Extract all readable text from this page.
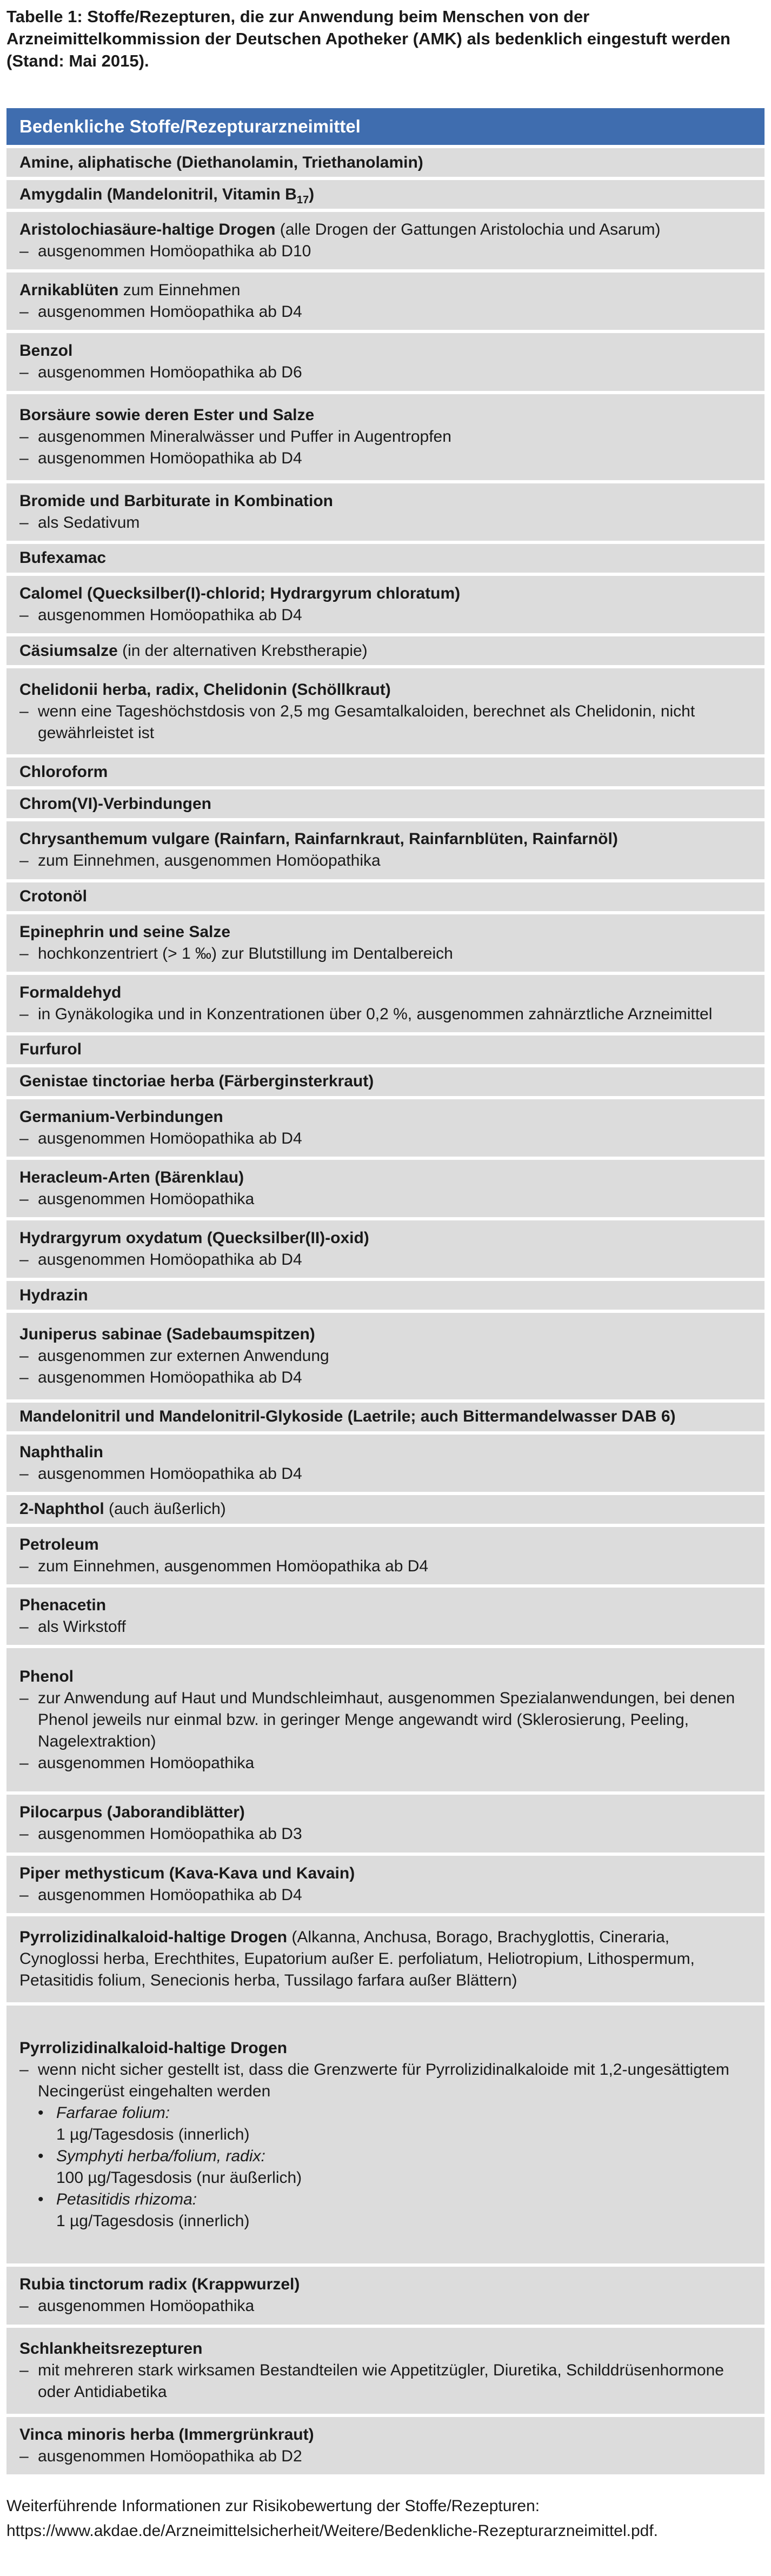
Tabelle 1: Stoffe/Rezepturen, die zur Anwendung beim Menschen von der Arzneimittelkommission der Deutschen Apotheker (AMK) als bedenklich eingestuft werden (Stand: Mai 2015).

Bedenkliche Stoffe/Rezepturarzneimittel
Amine, aliphatische (Diethanolamin, Triethanolamin)
Amygdalin (Mandelonitril, Vitamin $B_{17}$)
Aristolochiasäure-haltige Drogen (alle Drogen der Gattungen Aristolochia und Asarum)
– ausgenommen Homöopathika ab D10
Arnikablüten zum Einnehmen
– ausgenommen Homöopathika ab D4
Benzol
– ausgenommen Homöopathika ab D6
Borsäure sowie deren Ester und Salze
– ausgenommen Mineralwässer und Puffer in Augentropfen
– ausgenommen Homöopathika ab D4
Bromide und Barbiturate in Kombination
– als Sedativum
Bufexamac
Calomel (Quecksilber(I)-chlorid; Hydrargyrum chloratum)
– ausgenommen Homöopathika ab D4
Cäsiumsalze (in der alternativen Krebstherapie)
Chelidonii herba, radix, Chelidonin (Schöllkraut)
– wenn eine Tageshöchstdosis von 2,5 mg Gesamtalkaloiden, berechnet als Chelidonin, nicht gewährleistet ist
Chloroform
Chrom(VI)-Verbindungen
Chrysanthemum vulgare (Rainfarn, Rainfarnkraut, Rainfarnblüten, Rainfarnöl)
– zum Einnehmen, ausgenommen Homöopathika
Crotonöl
Epinephrin und seine Salze
– hochkonzentriert (> 1 ‰) zur Blutstillung im Dentalbereich
Formaldehyd
– in Gynäkologika und in Konzentrationen über 0,2 %, ausgenommen zahnärztliche Arzneimittel
Furfurol
Genistae tinctoriae herba (Färberginsterkraut)
Germanium-Verbindungen
– ausgenommen Homöopathika ab D4
Heracleum-Arten (Bärenklau)
– ausgenommen Homöopathika
Hydrargyrum oxydatum (Quecksilber(II)-oxid)
– ausgenommen Homöopathika ab D4
Hydrazin
Juniperus sabinae (Sadebaumspitzen)
– ausgenommen zur externen Anwendung
– ausgenommen Homöopathika ab D4
Mandelonitril und Mandelonitril-Glykoside (Laetrile; auch Bittermandelwasser DAB 6)
Naphthalin
– ausgenommen Homöopathika ab D4
2-Naphthol (auch äußerlich)
Petroleum
– zum Einnehmen, ausgenommen Homöopathika ab D4
Phenacetin
– als Wirkstoff
Phenol
– zur Anwendung auf Haut und Mundschleimhaut, ausgenommen Spezialanwendungen, bei denen Phenol jeweils nur einmal bzw. in geringer Menge angewandt wird (Sklerosierung, Peeling, Nagelextraktion)
– ausgenommen Homöopathika
Pilocarpus (Jaborandiblätter)
– ausgenommen Homöopathika ab D3
Piper methysticum (Kava-Kava und Kavain)
– ausgenommen Homöopathika ab D4
Pyrrolizidinalkaloid-haltige Drogen (Alkanna, Anchusa, Borago, Brachyglottis, Cineraria, Cynoglossi herba, Erechthites, Eupatorium außer E. perfoliatum, Heliotropium, Lithospermum, Petasitidis folium, Senecionis herba, Tussilago farfara außer Blättern)
Pyrrolizidinalkaloid-haltige Drogen
– wenn nicht sicher gestellt ist, dass die Grenzwerte für Pyrrolizidinalkaloide mit 1,2-ungesättigtem Necingerüst eingehalten werden
• Farfarae folium:
1 µg/Tagesdosis (innerlich)
• Symphyti herba/folium, radix:
100 µg/Tagesdosis (nur äußerlich)
• Petasitidis rhizoma:
1 µg/Tagesdosis (innerlich)
Rubia tinctorum radix (Krappwurzel)
– ausgenommen Homöopathika
Schlankheitsrezepturen
– mit mehreren stark wirksamen Bestandteilen wie Appetitzügler, Diuretika, Schilddrüsenhormone oder Antidiabetika
Vinca minoris herba (Immergrünkraut)
– ausgenommen Homöopathika ab D2

Weiterführende Informationen zur Risikobewertung der Stoffe/Rezepturen:
https://www.akdae.de/Arzneimittelsicherheit/Weitere/Bedenkliche-Rezepturarzneimittel.pdf.
